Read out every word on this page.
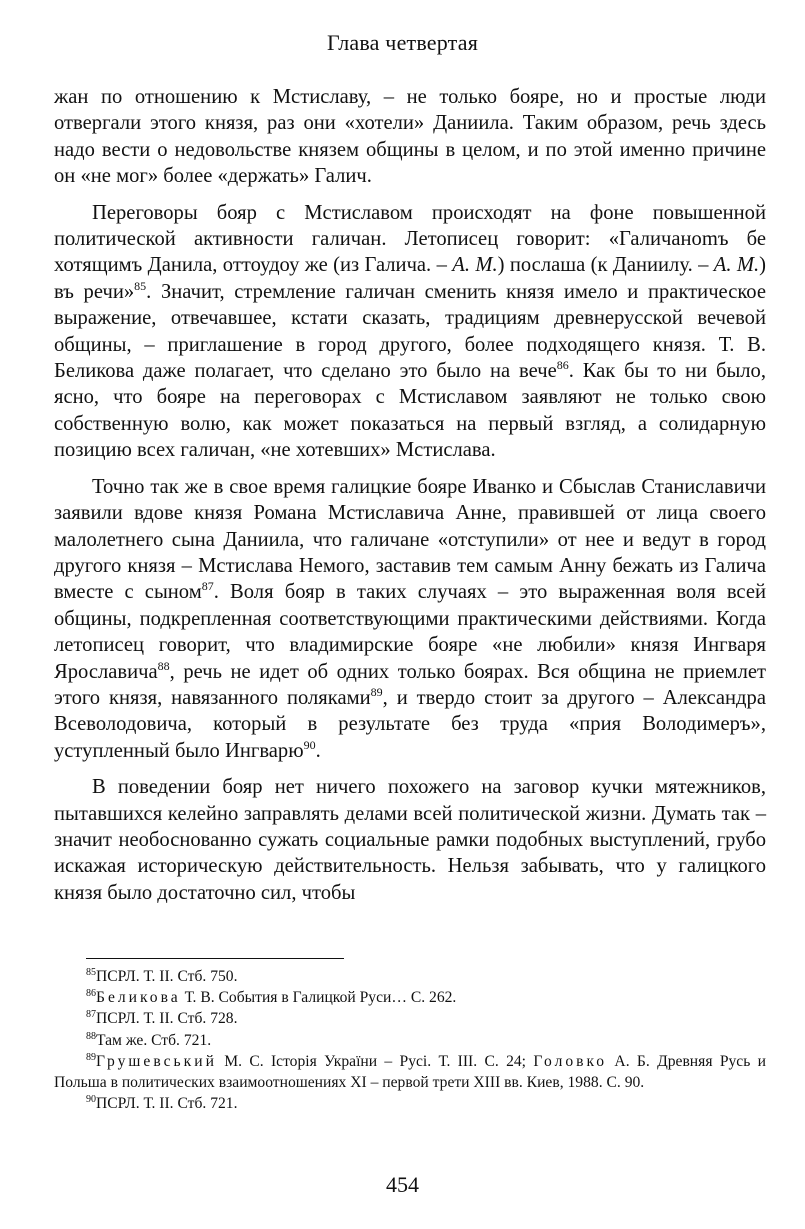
Глава четвертая

жан по отношению к Мстиславу, – не только бояре, но и простые люди отвергали этого князя, раз они «хотели» Даниила. Таким образом, речь здесь надо вести о недовольстве князем общины в целом, и по этой именно причине он «не мог» более «держать» Галич.

Переговоры бояр с Мстиславом происходят на фоне повышенной политической активности галичан. Летописец говорит: «Галичанomъ бе хотящимъ Данила, оттоудоу же (из Галича. – А. М.) послаша (к Даниилу. – А. М.) въ речи»$^{85}$. Значит, стремление галичан сменить князя имело и практическое выражение, отвечавшее, кстати сказать, традициям древнерусской вечевой общины, – приглашение в город другого, более подходящего князя. Т. В. Беликова даже полагает, что сделано это было на вече$^{86}$. Как бы то ни было, ясно, что бояре на переговорах с Мстиславом заявляют не только свою собственную волю, как может показаться на первый взгляд, а солидарную позицию всех галичан, «не хотевших» Мстислава.

Точно так же в свое время галицкие бояре Иванко и Сбыслав Станиславичи заявили вдове князя Романа Мстиславича Анне, правившей от лица своего малолетнего сына Даниила, что галичане «отступили» от нее и ведут в город другого князя – Мстислава Немого, заставив тем самым Анну бежать из Галича вместе с сыном$^{87}$. Воля бояр в таких случаях – это выраженная воля всей общины, подкрепленная соответствующими практическими действиями. Когда летописец говорит, что владимирские бояре «не любили» князя Ингваря Ярославича$^{88}$, речь не идет об одних только боярах. Вся община не приемлет этого князя, навязанного поляками$^{89}$, и твердо стоит за другого – Александра Всеволодовича, который в результате без труда «прия Володимеръ», уступленный было Ингварю$^{90}$.

В поведении бояр нет ничего похожего на заговор кучки мятежников, пытавшихся келейно заправлять делами всей политической жизни. Думать так – значит необоснованно сужать социальные рамки подобных выступлений, грубо искажая историческую действительность. Нельзя забывать, что у галицкого князя было достаточно сил, чтобы

$^{85}$ПСРЛ. Т. II. Стб. 750.
$^{86}$Беликова Т. В. События в Галицкой Руси… С. 262.
$^{87}$ПСРЛ. Т. II. Стб. 728.
$^{88}$Там же. Стб. 721.
$^{89}$Грушевський М. С. Історія України – Русі. Т. III. С. 24; Головко А. Б. Древняя Русь и Польша в политических взаимоотношениях XI – первой трети XIII вв. Киев, 1988. С. 90.
$^{90}$ПСРЛ. Т. II. Стб. 721.
454
